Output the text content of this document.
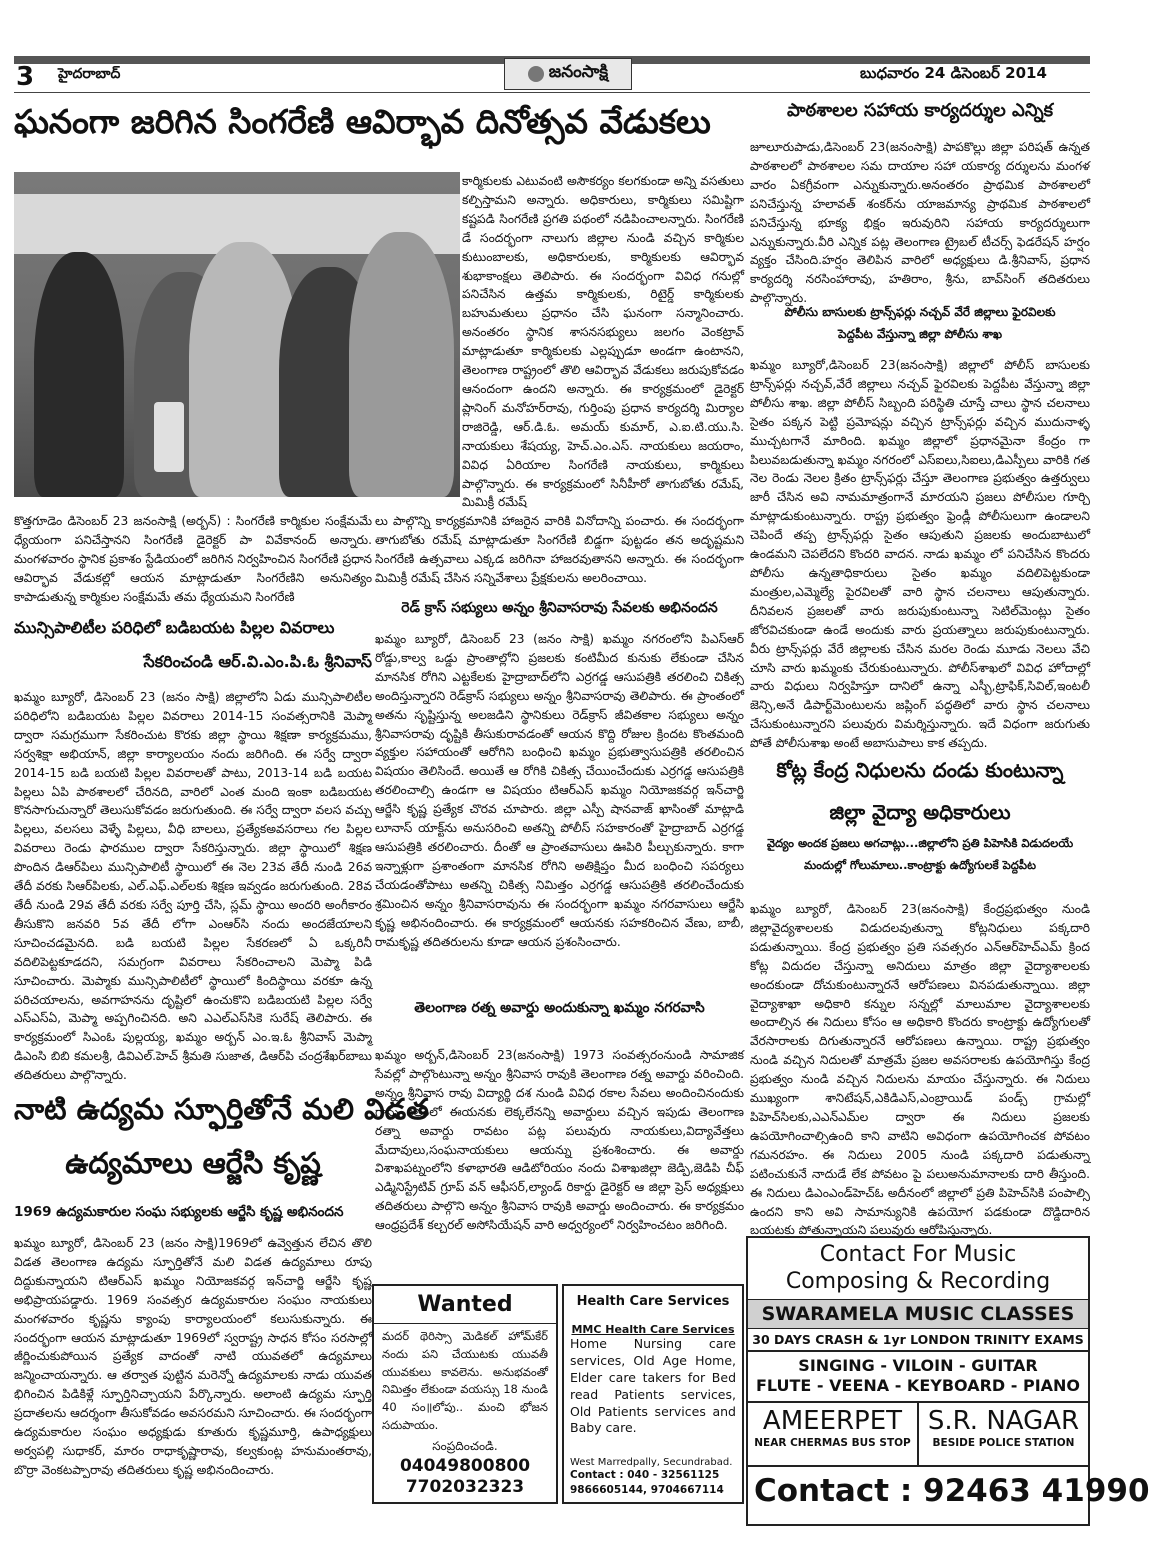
3 హైదరాబాద్	జనంసాక్షి	బుధవారం 24 డిసెంబర్ 2014
ఘనంగా జరిగిన సింగరేణి ఆవిర్భావ దినోత్సవ వేడుకలు

కార్మికులకు ఎటువంటి అసౌకర్యం కలగకుండా అన్ని వసతులు కల్పిస్తామని అన్నారు. అధికారులు, కార్మికులు సమిష్టిగా కష్టపడి సింగరేణి ప్రగతి పథంలో నడిపించాలన్నారు. సింగరేణి డే సందర్భంగా నాలుగు జిల్లాల నుండి వచ్చిన కార్మికుల కుటుంబాలకు, అధికారులకు, కార్మికులకు ఆవిర్భావ శుభాకాంక్షలు తెలిపారు. ఈ సందర్భంగా వివిధ గనుల్లో పనిచేసిన ఉత్తమ కార్మికులకు, రిటైర్డ్ కార్మికులకు బహుమతులు ప్రధానం చేసి ఘనంగా సన్మానించారు. అనంతరం స్థానిక శాసనసభ్యులు జలగం వెంకట్రావ్ మాట్లాడుతూ కార్మికులకు ఎల్లప్పుడూ అండగా ఉంటానని, తెలంగాణ రాష్ట్రంలో తొలి ఆవిర్భావ వేడుకలు జరుపుకోవడం ఆనందంగా ఉందని అన్నారు. ఈ కార్యక్రమంలో డైరెక్టర్ ప్లానింగ్ మనోహర్‌రావు, గుర్తింపు ప్రధాన కార్యదర్శి మిర్యాల రాజిరెడ్డి, ఆర్.డి.ఓ. అమయ్ కుమార్, ఎ.ఐ.టి.యు.సి. నాయకులు శేషయ్య, హెచ్.ఎం.ఎస్. నాయకులు జయరాం, వివిధ ఏరియాల సింగరేణి నాయకులు, కార్మికులు పాల్గొన్నారు. ఈ కార్యక్రమంలో సినీహీరో తాగుబోతు రమేష్, మిమిక్రీ రమేష్

కొత్తగూడెం డిసెంబర్ 23 జనంసాక్షి (అర్బన్) : సింగరేణి కార్మికుల సంక్షేమమే ధ్యేయంగా పనిచేస్తానని సింగరేణి డైరెక్టర్ పా వివేకానంద్ అన్నారు. మంగళవారం స్థానిక ప్రకాశం స్టేడియంలో జరిగిన నిర్వహించిన సింగరేణి ప్రధాన ఆవిర్భావ వేడుకల్లో ఆయన మాట్లాడుతూ సింగరేణిని అనునిత్యం కాపాడుతున్న కార్మికుల సంక్షేమమే తమ ధ్యేయమని సింగరేణి

లు పాల్గొన్ని కార్యక్రమానికి హాజరైన వారికి వినోదాన్ని పంచారు. ఈ సందర్భంగా తాగుబోతు రమేష్ మాట్లాడుతూ సింగరేణి బిడ్డగా పుట్టడం తన అదృష్టమని సింగరేణి ఉత్సవాలు ఎక్కడ జరిగినా హాజరవుతానని అన్నారు. ఈ సందర్భంగా మిమిక్రీ రమేష్ చేసిన సన్నివేశాలు ప్రేక్షకులను అలరించాయి.

మున్సిపాలిటీల పరిధిలో బడిబయట పిల్లల వివరాలు
సేకరించండి ఆర్.వి.ఎం.పి.ఓ శ్రీనివాస్

ఖమ్మం బ్యూరో, డిసెంబర్ 23 (జనం సాక్షి) జిల్లాలోని ఏడు మున్సిపాలిటీల పరిధిలోని బడిబయట పిల్లల వివరాలు 2014-15 సంవత్సరానికి మెప్మా ద్వారా సమగ్రముగా సేకరించుట కొరకు జిల్లా స్థాయి శిక్షణా కార్యక్రమము, సర్వశిక్షా అభియాన్, జిల్లా కార్యాలయం నందు జరిగింది. ఈ సర్వే ద్వారా 2014-15 బడి బయటి పిల్లల వివరాలతో పాటు, 2013-14 బడి బయట పిల్లలు ఏపి పాఠశాలలో చేరినది, వారిలో ఎంత మంది ఇంకా బడిబయట కొనసాగుచున్నారో తెలుసుకోవడం జరుగుతుంది. ఈ సర్వే ద్వారా వలస వచ్చు పిల్లలు, వలసలు వెళ్ళే పిల్లలు, వీధి బాలలు, ప్రత్యేకఅవసరాలు గల పిల్లల వివరాలు రెండు ఫారముల ద్వారా సేకరిస్తున్నారు. జిల్లా స్థాయిలో శిక్షణ పొందిన డిఆర్‌పిలు మున్సిపాలిటీ స్థాయిలో ఈ నెల 23వ తేదీ నుండి 26వ తేదీ వరకు సిఆర్‌పిలకు, ఎల్.ఎఫ్.ఎల్‌లకు శిక్షణ ఇవ్వడం జరుగుతుంది. 28వ తేదీ నుండి 29వ తేదీ వరకు సర్వే పూర్తి చేసి, స్లమ్ స్థాయి అందరి అంగీకారం తీసుకొని జనవరి 5వ తేదీ లోగా ఎంఆర్‌సి నందు అందజేయాలని సూచించడమైనది. బడి బయటి పిల్లల సేకరణలో ఏ ఒక్కరినీ వదిలిపెట్టకూడదని, సమగ్రంగా వివరాలు సేకరించాలని మెప్మా పిడి సూచించారు. మెప్మాకు మున్సిపాలిటీలో స్థాయిలో కిందిస్థాయి వరకూ ఉన్న పరిచయాలను, అవగాహనను దృష్టిలో ఉంచుకొని బడిబయటి పిల్లల సర్వే ఎస్ఎస్ఏ, మెప్మా అప్పగించినది. అని ఎఎల్ఎస్‌సికె సురేష్ తెలిపారు. ఈ కార్యక్రమంలో సిఎంఓ పుల్లయ్య, ఖమ్మం అర్బన్ ఎం.ఇ.ఓ శ్రీనివాస్ మెప్మా డిఎంసి బిబి కమలశ్రీ, డివిఎల్.హెచ్ శ్రీమతి సుజాత, డిఆర్‌పి చంద్రశేఖర్‌బాబు తదితరులు పాల్గొన్నారు.

నాటి ఉద్యమ స్ఫూర్తితోనే మలి విడత
ఉద్యమాలు ఆర్జేసి కృష్ణ
1969 ఉద్యమకారుల సంఘ సభ్యులకు ఆర్జేసి కృష్ణ అభినందన

ఖమ్మం బ్యూరో, డిసెంబర్ 23 (జనం సాక్షి)1969లో ఉవ్వెత్తున లేచిన తొలి విడత తెలంగాణ ఉద్యమ స్ఫూర్తితోనే మలి విడత ఉద్యమాలు రూపు దిద్దుకున్నాయని టిఆర్ఎస్ ఖమ్మం నియోజకవర్గ ఇన్‌చార్జి ఆర్జేసి కృష్ణ అభిప్రాయపడ్డారు. 1969 సంవత్సర ఉద్యమకారుల సంఘం నాయకులు మంగళవారం కృష్ణను క్యాంపు కార్యాలయంలో కలుసుకున్నారు. ఈ సందర్భంగా ఆయన మాట్లాడుతూ 1969లో స్వరాష్ట్ర సాధన కోసం సరసాల్లో జీర్ణించుకుపోయిన ప్రత్యేక వాదంతో నాటి యువతలో ఉద్యమాలు జన్మించాయన్నారు. ఆ తర్వాత పుట్టిన మరెన్నో ఉద్యమాలకు నాడు యువత భిగించిన పిడికిళ్లే స్ఫూర్తినిచ్చాయని పేర్కొన్నారు. అలాంటి ఉద్యమ స్ఫూర్తి ప్రదాతలను ఆదర్శంగా తీసుకోవడం అవసరమని సూచించారు. ఈ సందర్భంగా ఉద్యమకారుల సంఘం అధ్యక్షుడు కూతురు కృష్ణమూర్తి, ఉపాధ్యక్షులు అర్వపల్లి సుధాకర్, మారం రాధాకృష్ణారావు, కల్వకుంట్ల హనుమంతరావు, బొర్రా వెంకటప్పారావు తదితరులు కృష్ణ అభినందించారు.

రెడ్ క్రాస్ సభ్యులు అన్నం శ్రీనివాసరావు సేవలకు అభినందన

ఖమ్మం బ్యూరో, డిసెంబర్ 23 (జనం సాక్షి) ఖమ్మం నగరంలోని పిఎస్ఆర్ రోడ్డు,కాల్వ ఒడ్డు ప్రాంతాల్లోని ప్రజలకు కంటిమీద కునుకు లేకుండా చేసిన మానసిక రోగిని ఎట్టకేలకు హైద్రాబాద్‌లోని ఎర్రగడ్డ ఆసుపత్రికి తరలించి చికిత్స అందిస్తున్నారని రెడ్‌క్రాస్ సభ్యులు అన్నం శ్రీనివాసరావు తెలిపారు. ఈ ప్రాంతంలో అతను సృష్టిస్తున్న అలజడిని స్థానికులు రెడ్‌క్రాస్ జీవితకాల సభ్యులు అన్నం శ్రీనివాసరావు దృష్టికి తీసుకురావడంతో ఆయన కొద్ది రోజుల క్రిందట కొంతమంది వ్యక్తుల సహాయంతో ఆరోగిని బంధించి ఖమ్మం ప్రభుత్వాసుపత్రికి తరలించిన విషయం తెలిసిందే. అయితే ఆ రోగికి చికిత్స చేయించేందుకు ఎర్రగడ్డ ఆసుపత్రికి తరలించాల్సి ఉండగా ఆ విషయం టిఆర్ఎస్ ఖమ్మం నియోజకవర్గ ఇన్‌చార్జి ఆర్జేసి కృష్ణ ప్రత్యేక చొరవ చూపారు. జిల్లా ఎస్పీ షానవాజ్ ఖాసింతో మాట్లాడి లూనాస్ యాక్ట్‌ను అనుసరించి అతన్ని పోలీస్ సహకారంతో హైద్రాబాద్ ఎర్రగడ్డ ఆసుపత్రికి తరలించారు. దీంతో ఆ ప్రాంతవాసులు ఊపిరి పీల్చుకున్నారు. కాగా ఇన్నాళ్లుగా ప్రశాంతంగా మానసిక రోగిని అతిక్షిప్తం మీద బంధించి సపర్యలు చేయడంతోపాటు అతన్ని చికిత్స నిమిత్తం ఎర్రగడ్డ ఆసుపత్రికి తరలించేందుకు శ్రమించిన అన్నం శ్రీనివాసరావును ఈ సందర్భంగా ఖమ్మం నగరవాసులు ఆర్జేసి కృష్ణ అభినందించారు. ఈ కార్యక్రమంలో ఆయనకు సహకరించిన వేణు, బాబీ, రామకృష్ణ తదితరులను కూడా ఆయన ప్రశంసించారు.

తెలంగాణ రత్న అవార్డు అందుకున్నా ఖమ్మం నగరవాసి

ఖమ్మం అర్బన్,డిసెంబర్ 23(జనంసాక్షి) 1973 సంవత్సరంనుండి సామాజిక సేవల్లో పాల్గొంటున్నా అన్నం శ్రీనివాస రావుకి తెలంగాణ రత్న అవార్డు వరించింది. అన్నం శ్రీనివాస రావు విద్యార్థి దశ నుండి వివిధ రకాల సేవలు అందించినందుకు గాను గతంలో ఈయనకు లెక్కలేనన్ని అవార్డులు వచ్చిన ఇపుడు తెలంగాణ రత్నా అవార్డు రావటం పట్ల పలువురు నాయకులు,విద్యావేత్తలు మేదావులు,సంఘనాయకులు ఆయన్ను ప్రశంశించారు. ఈ అవార్డు విశాఖపట్నంలోని కళాభారతి ఆడిటోరియం నందు విశాఖజిల్లా జెడ్పి,జెడిపి చీఫ్ ఎడ్మినిస్ట్రేటివ్ గ్రూప్ వన్ ఆఫీసర్,ల్యాండ్ రికార్డు డైరెక్టర్ ఆ జిల్లా ప్రెస్ అధ్యక్షులు తదితరులు పాల్గొని అన్నం శ్రీనివాస రావుకి అవార్డు అందించారు. ఈ కార్యక్రమం ఆంధ్రప్రదేశ్ కల్చరల్ అసోసియేషన్ వారి అధ్వర్యంలో నిర్వహించటం జరిగింది.

పాఠశాలల సహాయ కార్యదర్శుల ఎన్నిక

జూలూరుపాడు,డిసెంబర్ 23(జనంసాక్షి) పాపకొల్లు జిల్లా పరిషత్ ఉన్నత పాఠశాలలో పాఠశాలల సమ దాయాల సహా యకార్య దర్శులను మంగళ వారం ఏకగ్రీవంగా ఎన్నుకున్నారు.అనంతరం ప్రాథమిక పాఠశాలలో పనిచేస్తున్న హలావత్ శంకర్‌ను యాజమాన్య ప్రాథమిక పాఠశాలలో పనిచేస్తున్న భూక్య భిక్షం ఇరువురిని సహాయ కార్యదర్శులుగా ఎన్నుకున్నారు.వీరి ఎన్నిక పట్ల తెలంగాణ ట్రైబల్ టీచర్స్ ఫెడరేషన్ హర్షం వ్యక్తం చేసింది.హర్షం తెలిపిన వారిలో అధ్యక్షులు డి.శ్రీనివాస్, ప్రధాన కార్యదర్శి నరసింహారావు, హతిరాం, శ్రీను, బావ్‌సింగ్ తదితరులు పాల్గొన్నారు.

పోలీసు బాసులకు ట్రాన్స్‌ఫర్లు నచ్చవ్ వేరే జిల్లాలు ఫైరవిలకు
పెద్దపీట వేస్తున్నా జిల్లా పోలీసు శాఖ

ఖమ్మం బ్యూరో,డిసెంబర్ 23(జనంసాక్షి) జిల్లాలో పోలీస్ బాసులకు ట్రాన్స్‌ఫర్లు నచ్చవ్,వేరే జిల్లాలు నచ్చవ్ ఫైరవిలకు పెద్దపీట వేస్తున్నా జిల్లా పోలీసు శాఖ. జిల్లా పోలీస్ సిబ్బంది పరిస్థితి చూస్తే చాలు స్థాన చలనాలు సైతం పక్కన పెట్టి ప్రమోషన్లు వచ్చిన ట్రాన్స్‌ఫర్లు వచ్చిన ముదునాళ్ళ ముచ్చటగానే మారింది. ఖమ్మం జిల్లాలో ప్రధానమైనా కేంద్రం గా పిలువబడుతున్నా ఖమ్మం నగరంలో ఎస్ఐలు,సిఐలు,డిఎస్పీలు వారికి గత నెల రెండు నెలల క్రితం ట్రాన్స్‌ఫర్లు చేస్తూ తెలంగాణ ప్రభుత్వం ఉత్తర్వులు జారీ చేసిన అవి నామమాత్రంగానే మారయని ప్రజలు పోలీసుల గూర్చి మాట్లాడుకుంటున్నారు. రాష్ట్ర ప్రభుత్వం ఫ్రెండ్లీ పోలీసులుగా ఉండాలని చెపిందే తప్ప ట్రాన్స్‌ఫర్లు సైతం ఆపుతుని ప్రజలకు అందుబాటులో ఉండమని చెపలేదని కొందరి వాదన. నాడు ఖమ్మం లో పనిచేసిన కొందరు పోలీసు ఉన్నతాధికారులు సైతం ఖమ్మం వదిలిపెట్టకుండా మంత్రుల,ఎమ్మెల్యే పైరవిలతో వారి స్థాన చలనాలు ఆపుతున్నారు. దీనివలన ప్రజలతో వారు జరుపుకుంటున్నా సెటిల్‌మెంట్లు సైతం జోరవిచకుండా ఉండే అందుకు వారు ప్రయత్నాలు జరుపుకుంటున్నారు. వీరు ట్రాన్స్‌ఫర్లు వేరే జిల్లాలకు చేసిన మరల రెండు మూడు నెలలు వేచి చూసి వారు ఖమ్మంకు చేరుకుంటున్నారు. పోలీస్‌శాఖలో వివిధ హోదాల్లో వారు విధులు నిర్వహిస్తూ దానిలో ఉన్నా ఎస్బీ,ట్రాఫిక్,సివిల్,ఇంటలీ జెన్సి,అనే డిపార్ట్‌మెంటులను జప్లింగ్ పద్ధతిలో వారు స్థాన చలనాలు చేసుకుంటున్నారని పలువురు విమర్శిస్తున్నారు. ఇదే విధంగా జరుగుతు పోతే పోలీసుశాఖ అంటే అబాసుపాలు కాక తప్పదు.

కోట్ల కేంద్ర నిధులను దండు కుంటున్నా
జిల్లా వైద్యా అధికారులు
వైద్యం అందక ప్రజలు అగచాట్లు...జిల్లాలోని ప్రతి పిహెసికి విడుదలయే
మందుల్లో గోలుమాలు..కాంట్రాక్టు ఉద్యోగులకే పెద్దపీట

ఖమ్మం బ్యూరో, డిసెంబర్ 23(జనంసాక్షి) కేంద్రప్రభుత్వం నుండి జిల్లావైద్యశాలలకు విడుదలవుతున్నా కోట్లనిధులు పక్కదారి పడుతున్నాయి. కేంద్ర ప్రభుత్వం ప్రతి సవత్సరం ఎన్ఆర్‌హెచ్ఎమ్ క్రింద కోట్ల విదుదల చేస్తున్నా అనిదులు మాత్రం జిల్లా వైద్యాశాలలకు అందకుండా దోచుకుంటున్నారనే ఆరోపణలు వినపడుతున్నాయి. జిల్లా వైద్యాశాఖా అధికారి కన్నుల సన్నల్లో మాలుమాల వైద్యాశాలలకు అందాల్సిన ఈ నిదులు కోసం ఆ అధికారి కొందరు కాంట్రాక్టు ఉద్యోగులతో వేరసారాలకు దిగుతున్నారనే ఆరోపణలు ఉన్నాయి. రాష్ట్ర ప్రభుత్వం నుండి వచ్చిన నిదులతో మాత్రమే ప్రజల అవసరాలకు ఉపయోగిస్తు కేంద్ర ప్రభుత్వం నుండి వచ్చిన నిదులను మాయం చేస్తున్నారు. ఈ నిదులు ముఖ్యంగా శానిటేషన్,ఎకిడిఎస్,ఎంబ్రాయిడ్ పండ్స్ గ్రామల్లో పిహెచ్‌సిలకు,ఎఎన్‌ఎమ్‌ల ద్వారా ఈ నిదులు ప్రజలకు ఉపయోగించాల్సిఉంది కాని వాటిని అవిధంగా ఉపయోగించక పోవటం గమనరహం. ఈ నిదులు 2005 నుండి పక్కదారి పడుతున్నా పటించుకునే నాదుడే లేక పోవటం పై పలుఅనుమానాలకు దారి తీస్తుంది. ఈ నిదులు డిఎంఎండ్‌హెచ్‌ఓ అదీనంలో జిల్లాలో ప్రతి పిహెచ్‌సికి పంపాల్సి ఉందని కాని అవి సామాన్యునికి ఉపయోగ పడకుండా దొడ్డిదారిన బయటకు పోతున్నాయని పలువురు ఆరోపిస్తున్నారు.

Wanted
మదర్ థెరిస్సా మెడికల్ హోమ్‌కేర్ నందు పని చేయుటకు యువతీ యువకులు కావలెను. అనుభవంతో నిమిత్తం లేకుండా వయస్సు 18 నుండి 40 సం॥లోపు.. మంచి భోజన సదుపాయం.
సంప్రదించండి.
04049800800
7702032323
Health Care Services
MMC Health Care Services
Home Nursing care services, Old Age Home, Elder care takers for Bed read Patients services, Old Patients services and Baby care.
West Marredpally, Secundrabad.
Contact : 040 - 32561125
9866605144, 9704667114
Contact For Music
Composing & Recording
SWARAMELA MUSIC CLASSES
30 DAYS CRASH & 1yr LONDON TRINITY EXAMS
SINGING - VILOIN - GUITAR
FLUTE - VEENA - KEYBOARD - PIANO
AMEERPET
NEAR CHERMAS BUS STOP
S.R. NAGAR
BESIDE POLICE STATION
Contact : 92463 41990
